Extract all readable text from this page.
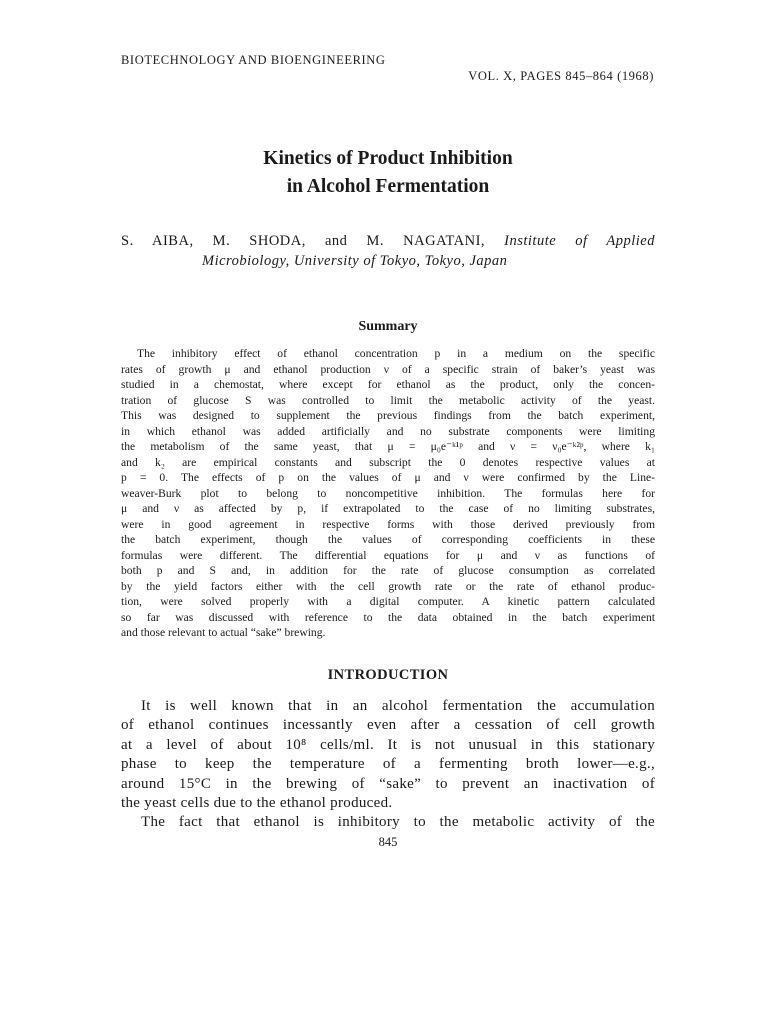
BIOTECHNOLOGY AND BIOENGINEERING
VOL. X, PAGES 845–864 (1968)
Kinetics of Product Inhibition
in Alcohol Fermentation
S. AIBA, M. SHODA, and M. NAGATANI, Institute of Applied
Microbiology, University of Tokyo, Tokyo, Japan
Summary
The inhibitory effect of ethanol concentration p in a medium on the specific
rates of growth μ and ethanol production ν of a specific strain of baker’s yeast was
studied in a chemostat, where except for ethanol as the product, only the concen-
tration of glucose S was controlled to limit the metabolic activity of the yeast.
This was designed to supplement the previous findings from the batch experiment,
in which ethanol was added artificially and no substrate components were limiting
the metabolism of the same yeast, that μ = μ₀e⁻ᵏ¹ᵖ and ν = ν₀e⁻ᵏ²ᵖ, where k₁
and k₂ are empirical constants and subscript the 0 denotes respective values at
p = 0. The effects of p on the values of μ and ν were confirmed by the Line-
weaver-Burk plot to belong to noncompetitive inhibition. The formulas here for
μ and ν as affected by p, if extrapolated to the case of no limiting substrates,
were in good agreement in respective forms with those derived previously from
the batch experiment, though the values of corresponding coefficients in these
formulas were different. The differential equations for μ and ν as functions of
both p and S and, in addition for the rate of glucose consumption as correlated
by the yield factors either with the cell growth rate or the rate of ethanol produc-
tion, were solved properly with a digital computer. A kinetic pattern calculated
so far was discussed with reference to the data obtained in the batch experiment
and those relevant to actual “sake” brewing.
INTRODUCTION
It is well known that in an alcohol fermentation the accumulation
of ethanol continues incessantly even after a cessation of cell growth
at a level of about 10⁸ cells/ml. It is not unusual in this stationary
phase to keep the temperature of a fermenting broth lower—e.g.,
around 15°C in the brewing of “sake” to prevent an inactivation of
the yeast cells due to the ethanol produced.
The fact that ethanol is inhibitory to the metabolic activity of the
845
